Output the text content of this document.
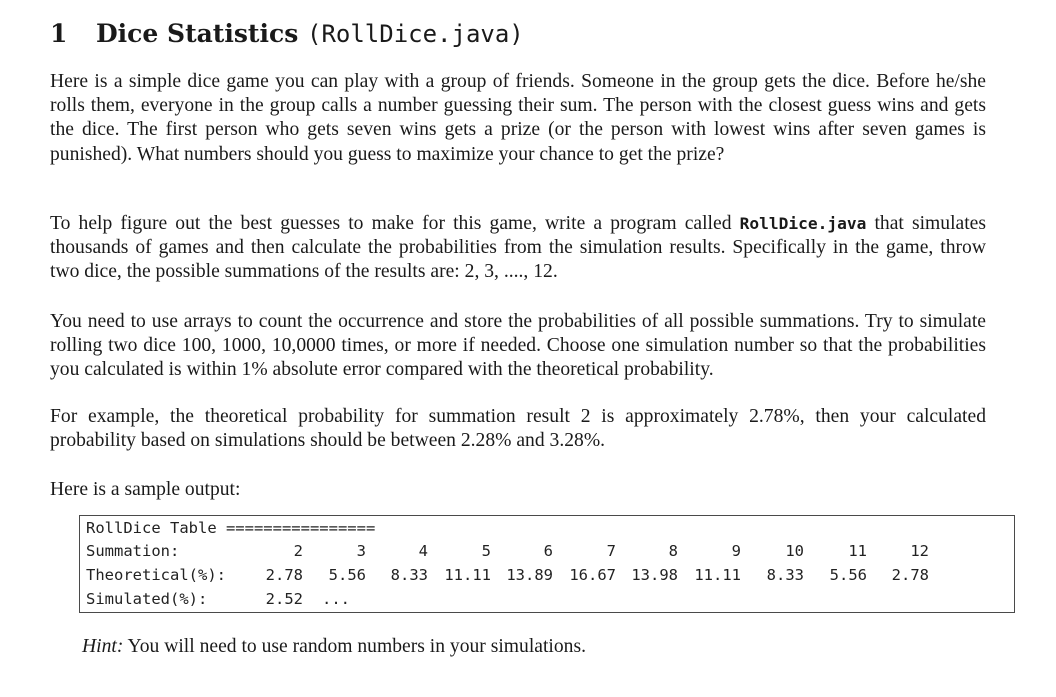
1 Dice Statistics (RollDice.java)

Here is a simple dice game you can play with a group of friends. Someone in the group gets the dice. Before he/she rolls them, everyone in the group calls a number guessing their sum. The person with the closest guess wins and gets the dice. The first person who gets seven wins gets a prize (or the person with lowest wins after seven games is punished). What numbers should you guess to maximize your chance to get the prize?

To help figure out the best guesses to make for this game, write a program called RollDice.java that simulates thousands of games and then calculate the probabilities from the simulation results. Specifically in the game, throw two dice, the possible summations of the results are: 2, 3, ...., 12.

You need to use arrays to count the occurrence and store the probabilities of all possible summations. Try to simulate rolling two dice 100, 1000, 10,0000 times, or more if needed. Choose one simulation number so that the probabilities you calculated is within 1% absolute error compared with the theoretical probability.

For example, the theoretical probability for summation result 2 is approximately 2.78%, then your calculated probability based on simulations should be between 2.28% and 3.28%.

Here is a sample output:

RollDice Table ================
Summation:	2	3	4	5	6	7	8	9	10	11	12
Theoretical(%):	2.78	5.56	8.33	11.11 13.89	16.67 13.98	11.11	8.33	5.56	2.78
Simulated(%):	2.52 ...
Hint: You will need to use random numbers in your simulations.
